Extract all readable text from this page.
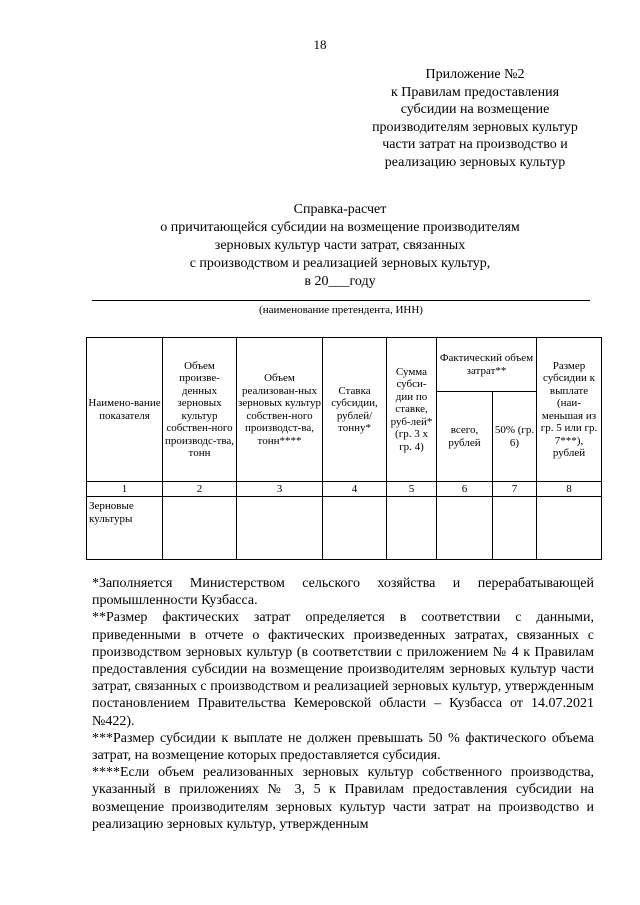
18
Приложение №2
к Правилам предоставления
субсидии на возмещение
производителям зерновых культур
части затрат на производство и
реализацию зерновых культур
Справка-расчет
о причитающейся субсидии на возмещение производителям
зерновых культур части затрат, связанных
с производством и реализацией зерновых культур,
в 20___году
(наименование претендента, ИНН)
Наимено-вание показателя	Объем произве-денных зерновых культур собствен-ного производс-тва, тонн	Объем реализован-ных зерновых культур собствен-ного производст-ва, тонн****	Ставка субсидии, рублей/ тонну*	Сумма субси-дии по ставке, руб-лей* (гр. 3 х гр. 4)	Фактический объем затрат**		Размер субсидии к выплате (наи-меньшая из гр. 5 или гр. 7***), рублей
					всего, рублей	50% (гр. 6)	
1	2	3	4	5	6	7	8
Зерновые культуры							

*Заполняется Министерством сельского хозяйства и перерабатывающей промышленности Кузбасса.

**Размер фактических затрат определяется в соответствии с данными, приведенными в отчете о фактических произведенных затратах, связанных с производством зерновых культур (в соответствии с приложением № 4 к Правилам предоставления субсидии на возмещение производителям зерновых культур части затрат, связанных с производством и реализацией зерновых культур, утвержденным постановлением Правительства Кемеровской области – Кузбасса от 14.07.2021 №422).

***Размер субсидии к выплате не должен превышать 50 % фактического объема затрат, на возмещение которых предоставляется субсидия.

****Если объем реализованных зерновых культур собственного производства, указанный в приложениях № 3, 5 к Правилам предоставления субсидии на возмещение производителям зерновых культур части затрат на производство и реализацию зерновых культур, утвержденным
